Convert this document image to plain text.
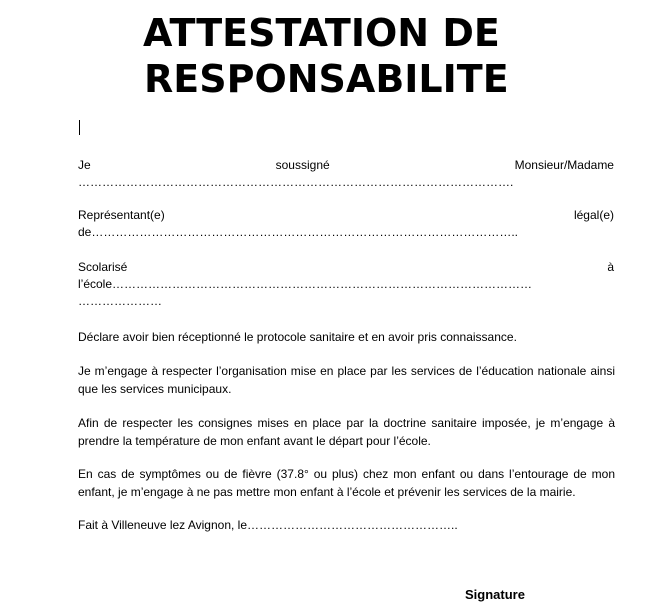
ATTESTATION DE
RESPONSABILITE
Je	soussigné	Monsieur/Madame
……………………………………………………………………………………………….
Représentant(e)	légal(e)
de……………………………………………………………………………………………..
Scolarisé	à
l’école……………………………………………………………………………………………
…………………

Déclare avoir bien réceptionné le protocole sanitaire et en avoir pris connaissance.

Je m’engage à respecter l’organisation mise en place par les services de l’éducation nationale ainsi que les services municipaux.

Afin de respecter les consignes mises en place par la doctrine sanitaire imposée, je m’engage à prendre la température de mon enfant avant le départ pour l’école.

En cas de symptômes ou de fièvre (37.8° ou plus) chez mon enfant ou dans l’entourage de mon enfant, je m’engage à ne pas mettre mon enfant à l’école et prévenir les services de la mairie.

Fait à Villeneuve lez Avignon, le……………………………………………..

Signature
